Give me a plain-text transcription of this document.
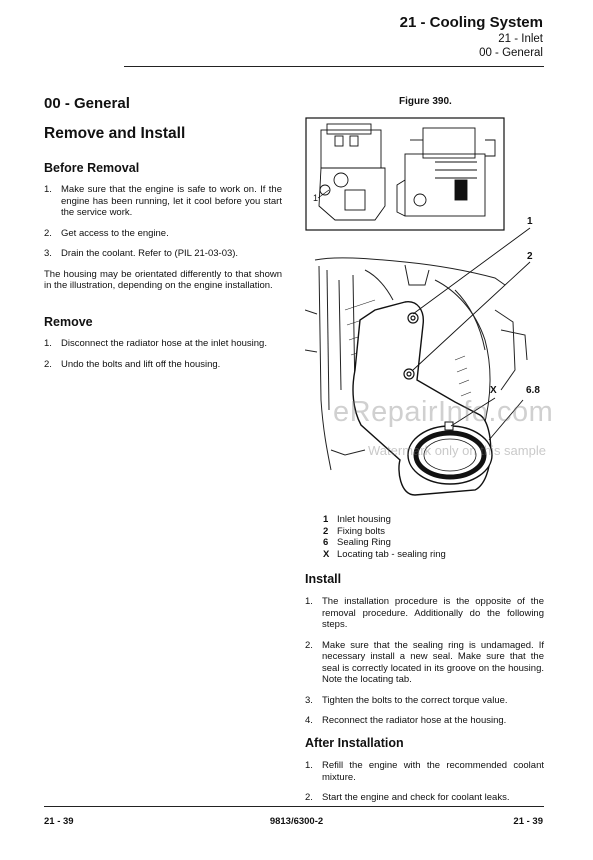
21 - Cooling System
21 - Inlet
00 - General
00 - General
Remove and Install
Before Removal
1. Make sure that the engine is safe to work on. If the engine has been running, let it cool before you start the service work.
2. Get access to the engine.
3. Drain the coolant. Refer to (PIL 21-03-03).
The housing may be orientated differently to that shown in the illustration, depending on the engine installation.
Remove
1. Disconnect the radiator hose at the inlet housing.
2. Undo the bolts and lift off the housing.
Figure 390.
1
1
2
X	6.8
eRepairInfo.com
Watermark only on this sample
1 Inlet housing
2 Fixing bolts
6 Sealing Ring
X Locating tab - sealing ring
Install
1. The installation procedure is the opposite of the removal procedure. Additionally do the following steps.
2. Make sure that the sealing ring is undamaged. If necessary install a new seal. Make sure that the seal is correctly located in its groove on the housing. Note the locating tab.
3. Tighten the bolts to the correct torque value.
4. Reconnect the radiator hose at the housing.
After Installation
1. Refill the engine with the recommended coolant mixture.
2. Start the engine and check for coolant leaks.
21 - 39	9813/6300-2	21 - 39
